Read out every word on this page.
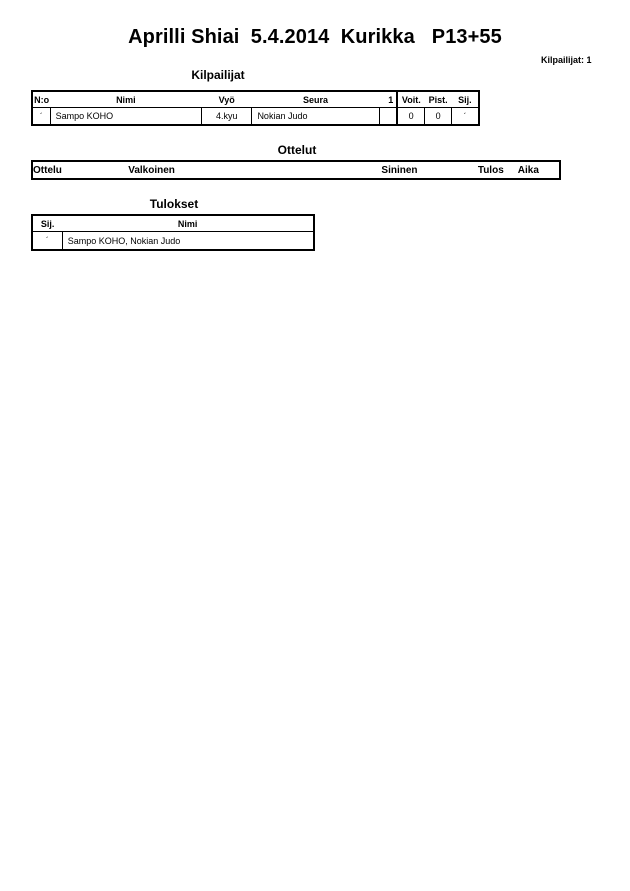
Aprilli Shiai  5.4.2014  Kurikka   P13+55
Kilpailijat: 1
Kilpailijat
N:o	Nimi	Vyö	Seura	1	Voit.	Pist.	Sij.
´	Sampo KOHO	4.kyu	Nokian Judo		0	0	´
Ottelut
Ottelu	Valkoinen	Sininen	Tulos	Aika
Tulokset
Sij.	Nimi
´	Sampo KOHO, Nokian Judo
